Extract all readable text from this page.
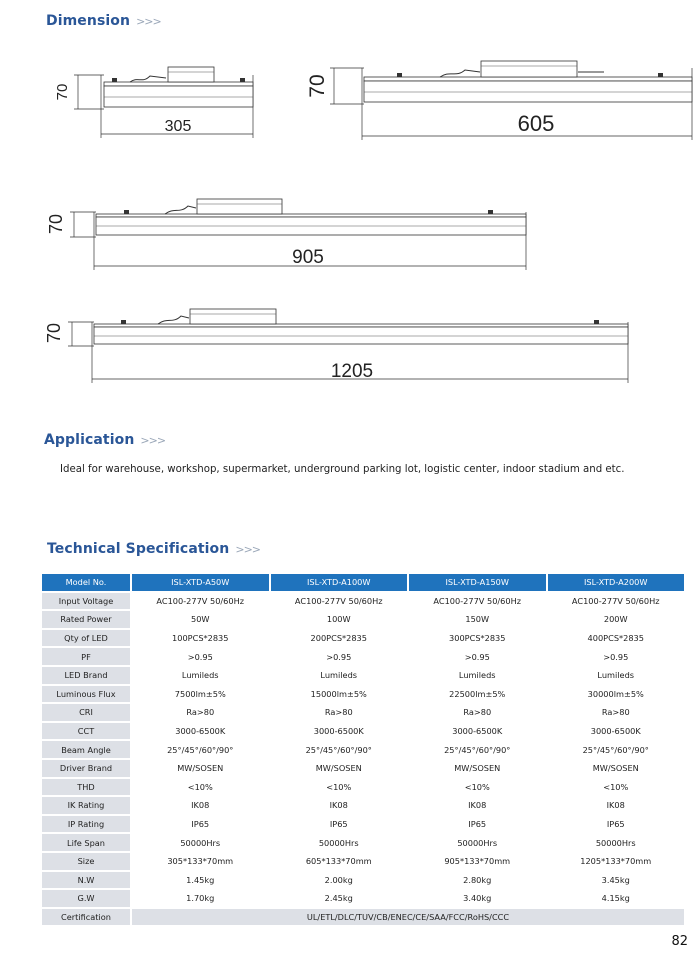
Dimension >>>
70
305
70
605
70
905
70
1205
Application >>>
Ideal for warehouse, workshop, supermarket, underground parking lot, logistic center, indoor stadium and etc.
Technical Specification >>>
Model No.	ISL-XTD-A50W	ISL-XTD-A100W	ISL-XTD-A150W	ISL-XTD-A200W
Input Voltage	AC100-277V 50/60Hz	AC100-277V 50/60Hz	AC100-277V 50/60Hz	AC100-277V 50/60Hz
Rated Power	50W	100W	150W	200W
Qty of LED	100PCS*2835	200PCS*2835	300PCS*2835	400PCS*2835
PF	>0.95	>0.95	>0.95	>0.95
LED Brand	Lumileds	Lumileds	Lumileds	Lumileds
Luminous Flux	7500lm±5%	15000lm±5%	22500lm±5%	30000lm±5%
CRI	Ra>80	Ra>80	Ra>80	Ra>80
CCT	3000-6500K	3000-6500K	3000-6500K	3000-6500K
Beam Angle	25°/45°/60°/90°	25°/45°/60°/90°	25°/45°/60°/90°	25°/45°/60°/90°
Driver Brand	MW/SOSEN	MW/SOSEN	MW/SOSEN	MW/SOSEN
THD	<10%	<10%	<10%	<10%
IK Rating	IK08	IK08	IK08	IK08
IP Rating	IP65	IP65	IP65	IP65
Life Span	50000Hrs	50000Hrs	50000Hrs	50000Hrs
Size	305*133*70mm	605*133*70mm	905*133*70mm	1205*133*70mm
N.W	1.45kg	2.00kg	2.80kg	3.45kg
G.W	1.70kg	2.45kg	3.40kg	4.15kg
Certification	UL/ETL/DLC/TUV/CB/ENEC/CE/SAA/FCC/RoHS/CCC			
82
